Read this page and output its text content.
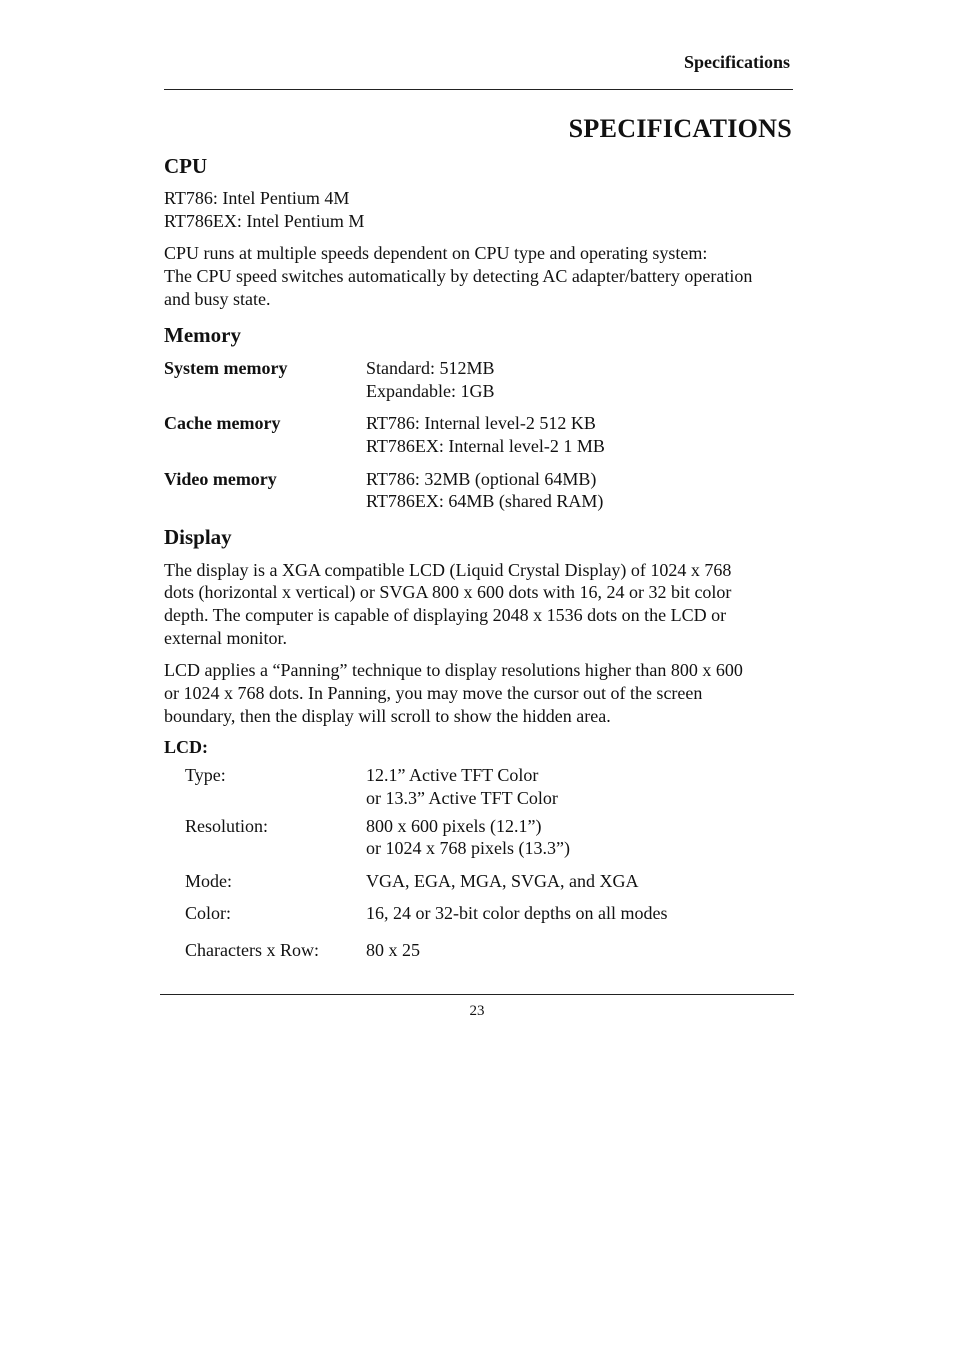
Specifications
SPECIFICATIONS
CPU
RT786: Intel Pentium 4M
RT786EX: Intel Pentium M
CPU runs at multiple speeds dependent on CPU type and operating system:
The CPU speed switches automatically by detecting AC adapter/battery operation
and busy state.
Memory
System memory	Standard: 512MB
Expandable: 1GB
Cache memory	RT786: Internal level-2 512 KB
RT786EX: Internal level-2 1 MB
Video memory	RT786: 32MB (optional 64MB)
RT786EX: 64MB (shared RAM)
Display
The display is a XGA compatible LCD (Liquid Crystal Display) of 1024 x 768
dots (horizontal x vertical) or SVGA 800 x 600 dots with 16, 24 or 32 bit color
depth. The computer is capable of displaying 2048 x 1536 dots on the LCD or
external monitor.
LCD applies a “Panning” technique to display resolutions higher than 800 x 600
or 1024 x 768 dots. In Panning, you may move the cursor out of the screen
boundary, then the display will scroll to show the hidden area.
LCD:
Type:	12.1” Active TFT Color
or 13.3” Active TFT Color
Resolution:	800 x 600 pixels (12.1”)
or 1024 x 768 pixels (13.3”)
Mode:	VGA, EGA, MGA, SVGA, and XGA
Color:	16, 24 or 32-bit color depths on all modes
Characters x Row:	80 x 25
23
